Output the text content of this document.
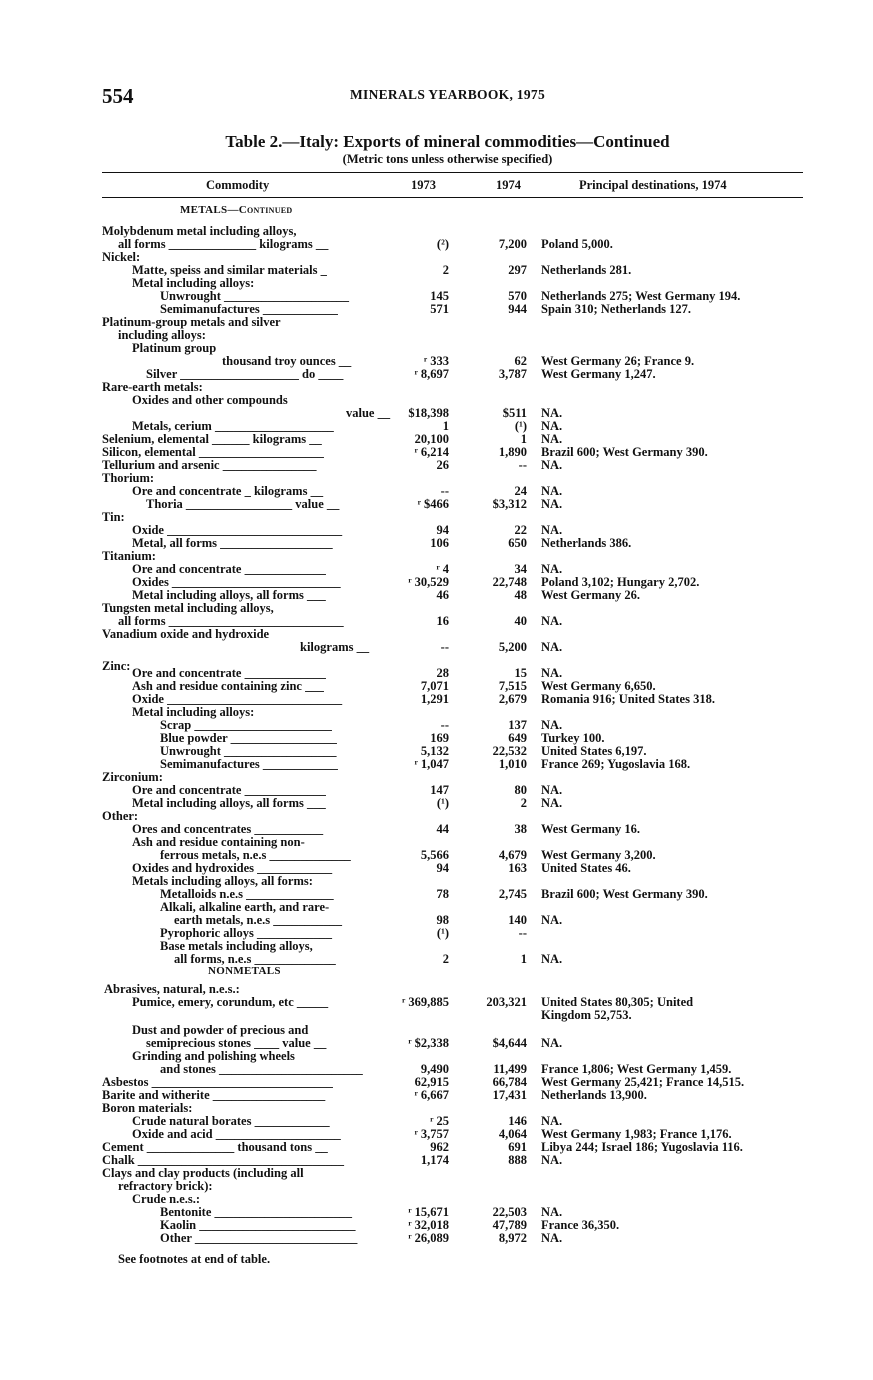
554	MINERALS YEARBOOK, 1975
Table 2.—Italy: Exports of mineral commodities—Continued
(Metric tons unless otherwise specified)
Commodity	1973	1974	Principal destinations, 1974
METALS—Continued
NONMETALS
Molybdenum metal including alloys,
all forms ______________ kilograms __	(²)	7,200 Poland 5,000.
Nickel:
Matte, speiss and similar materials _	2	297 Netherlands 281.
Metal including alloys:
Unwrought ____________________	145	570 Netherlands 275; West Germany 194.
Semimanufactures ____________	571	944 Spain 310; Netherlands 127.
Platinum-group metals and silver
including alloys:
Platinum group
thousand troy ounces __	ʳ 333	62 West Germany 26; France 9.
Silver ___________________ do ____	ʳ 8,697	3,787 West Germany 1,247.
Rare-earth metals:
Oxides and other compounds
value __ $18,398	$511 NA.
Metals, cerium ___________________	1	(¹) NA.
Selenium, elemental ______ kilograms __	20,100	1 NA.
Silicon, elemental ____________________	ʳ 6,214	1,890 Brazil 600; West Germany 390.
Tellurium and arsenic _______________	26	-- NA.
Thorium:
Ore and concentrate _ kilograms __	--	24 NA.
Thoria _________________ value __	ʳ $466	$3,312 NA.
Tin:
Oxide ____________________________	94	22 NA.
Metal, all forms __________________	106	650 Netherlands 386.
Titanium:
Ore and concentrate _____________	ʳ 4	34 NA.
Oxides ___________________________	ʳ 30,529	22,748 Poland 3,102; Hungary 2,702.
Metal including alloys, all forms ___	46	48 West Germany 26.
Tungsten metal including alloys,
all forms ____________________________	16	40 NA.
Vanadium oxide and hydroxide
kilograms __	--	5,200 NA.
Zinc: Ore and concentrate _____________	28	15 NA.
Ash and residue containing zinc ___	7,071	7,515 West Germany 6,650.
Oxide ____________________________	1,291	2,679 Romania 916; United States 318.
Metal including alloys:
Scrap ______________________	--	137 NA.
Blue powder _________________	169	649 Turkey 100.
Unwrought __________________	5,132	22,532 United States 6,197.
Semimanufactures ____________	ʳ 1,047	1,010 France 269; Yugoslavia 168.
Zirconium:
Ore and concentrate _____________	147	80 NA.
Metal including alloys, all forms ___	(¹)	2 NA.
Other:
Ores and concentrates ___________	44	38 West Germany 16.
Ash and residue containing non-
ferrous metals, n.e.s _____________	5,566	4,679 West Germany 3,200.
Oxides and hydroxides ____________	94	163 United States 46.
Metals including alloys, all forms:
Metalloids n.e.s ______________	78	2,745 Brazil 600; West Germany 390.
Alkali, alkaline earth, and rare-
earth metals, n.e.s ___________	98	140 NA.
Pyrophoric alloys ____________	(¹)	--
Base metals including alloys,
all forms, n.e.s _____________	2	1 NA.
Abrasives, natural, n.e.s.:
Pumice, emery, corundum, etc _____	ʳ 369,885	203,321 United States 80,305; United
Kingdom 52,753.
Dust and powder of precious and
semiprecious stones ____ value __	ʳ $2,338	$4,644 NA.
Grinding and polishing wheels
and stones _______________________	9,490	11,499 France 1,806; West Germany 1,459.
Asbestos _____________________________	62,915	66,784 West Germany 25,421; France 14,515.
Barite and witherite __________________	ʳ 6,667	17,431 Netherlands 13,900.
Boron materials:
Crude natural borates ____________	ʳ 25	146 NA.
Oxide and acid ____________________	ʳ 3,757	4,064 West Germany 1,983; France 1,176.
Cement ______________ thousand tons __	962	691 Libya 244; Israel 186; Yugoslavia 116.
Chalk _________________________________	1,174	888 NA.
Clays and clay products (including all
refractory brick):
Crude n.e.s.:
Bentonite ______________________	ʳ 15,671	22,503 NA.
Kaolin _________________________	ʳ 32,018	47,789 France 36,350.
Other __________________________	ʳ 26,089	8,972 NA.
See footnotes at end of table.
